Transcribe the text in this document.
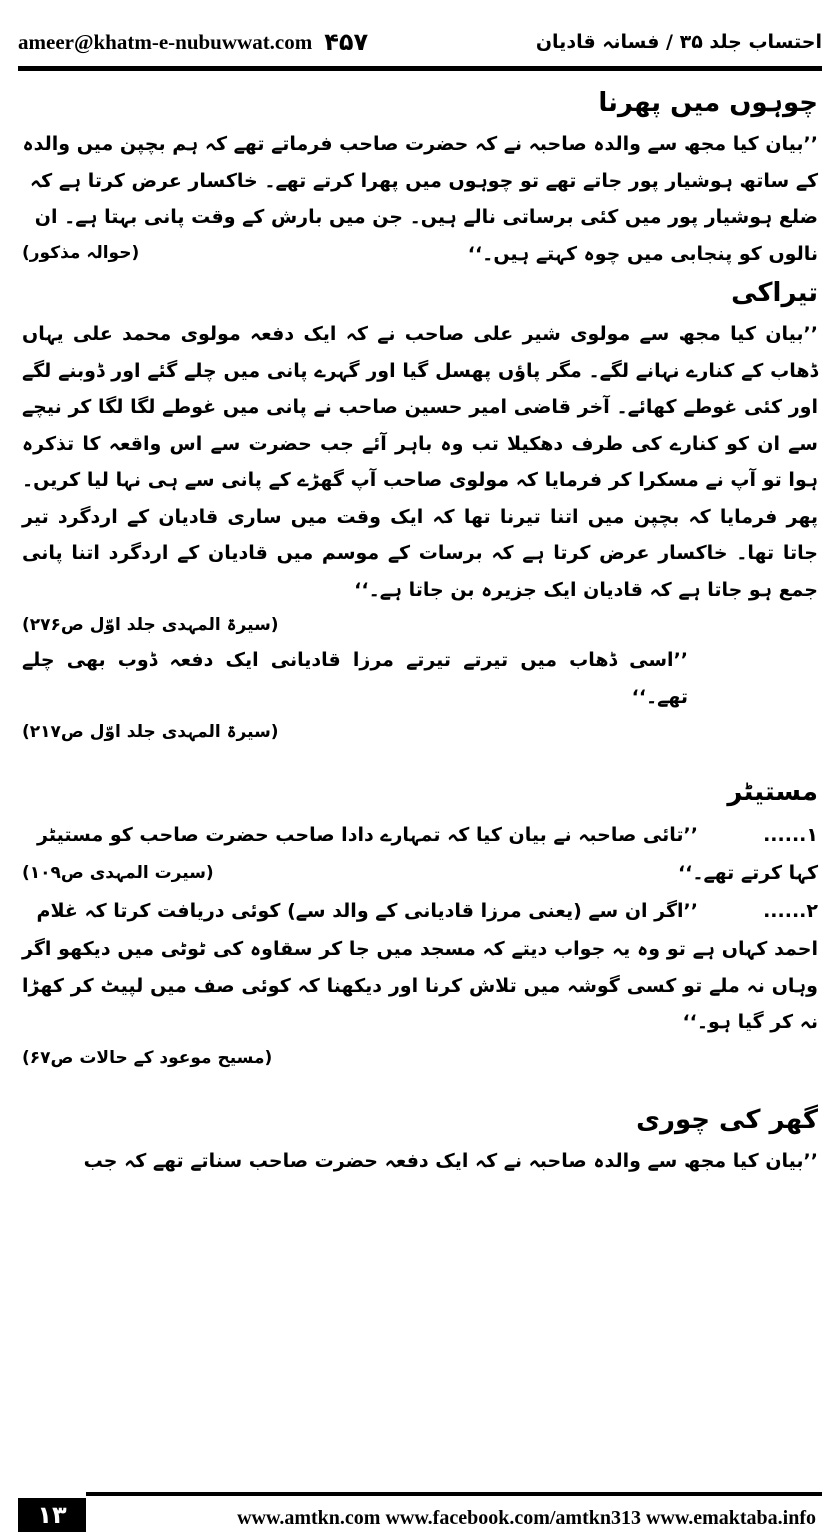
ameer@khatm-e-nubuwwat.com ۴۵۷	احتساب جلد ۳۵ / فسانہ قادیان
چوہوں میں پھرنا

’’بیان کیا مجھ سے والدہ صاحبہ نے کہ حضرت صاحب فرماتے تھے کہ ہم بچپن میں والدہ کے ساتھ ہوشیار پور جاتے تھے تو چوہوں میں پھرا کرتے تھے۔ خاکسار عرض کرتا ہے کہ ضلع ہوشیار پور میں کئی برساتی نالے ہیں۔ جن میں بارش کے وقت پانی بہتا ہے۔ ان نالوں کو پنجابی میں چوہ کہتے ہیں۔‘‘

(حوالہ مذکور)
تیراکی

’’بیان کیا مجھ سے مولوی شیر علی صاحب نے کہ ایک دفعہ مولوی محمد علی یہاں ڈھاب کے کنارے نہانے لگے۔ مگر پاؤں پھسل گیا اور گہرے پانی میں چلے گئے اور ڈوبنے لگے اور کئی غوطے کھائے۔ آخر قاضی امیر حسین صاحب نے پانی میں غوطے لگا لگا کر نیچے سے ان کو کنارے کی طرف دھکیلا تب وہ باہر آئے جب حضرت سے اس واقعہ کا تذکرہ ہوا تو آپ نے مسکرا کر فرمایا کہ مولوی صاحب آپ گھڑے کے پانی سے ہی نہا لیا کریں۔ پھر فرمایا کہ بچپن میں اتنا تیرنا تھا کہ ایک وقت میں ساری قادیان کے اردگرد تیر جاتا تھا۔ خاکسار عرض کرتا ہے کہ برسات کے موسم میں قادیان کے اردگرد اتنا پانی جمع ہو جاتا ہے کہ قادیان ایک جزیرہ بن جاتا ہے۔‘‘

(سیرۃ المہدی جلد اوّل ص۲۷۶)
’’اسی ڈھاب میں تیرتے تیرتے مرزا قادیانی ایک دفعہ ڈوب بھی چلے تھے۔‘‘
(سیرۃ المہدی جلد اوّل ص۲۱۷)
مستیٹر
۱......’’تائی صاحبہ نے بیان کیا کہ تمہارے دادا صاحب حضرت صاحب کو مستیٹر
کہا کرتے تھے۔‘‘
(سیرت المہدی ص۱۰۹)
۲......’’اگر ان سے (یعنی مرزا قادیانی کے والد سے) کوئی دریافت کرتا کہ غلام

احمد کہاں ہے تو وہ یہ جواب دیتے کہ مسجد میں جا کر سقاوہ کی ٹوٹی میں دیکھو اگر وہاں نہ ملے تو کسی گوشہ میں تلاش کرنا اور دیکھنا کہ کوئی صف میں لپیٹ کر کھڑا نہ کر گیا ہو۔‘‘

(مسیح موعود کے حالات ص۶۷)
گھر کی چوری

’’بیان کیا مجھ سے والدہ صاحبہ نے کہ ایک دفعہ حضرت صاحب سناتے تھے کہ جب

۱۳	www.amtkn.com www.facebook.com/amtkn313 www.emaktaba.info
